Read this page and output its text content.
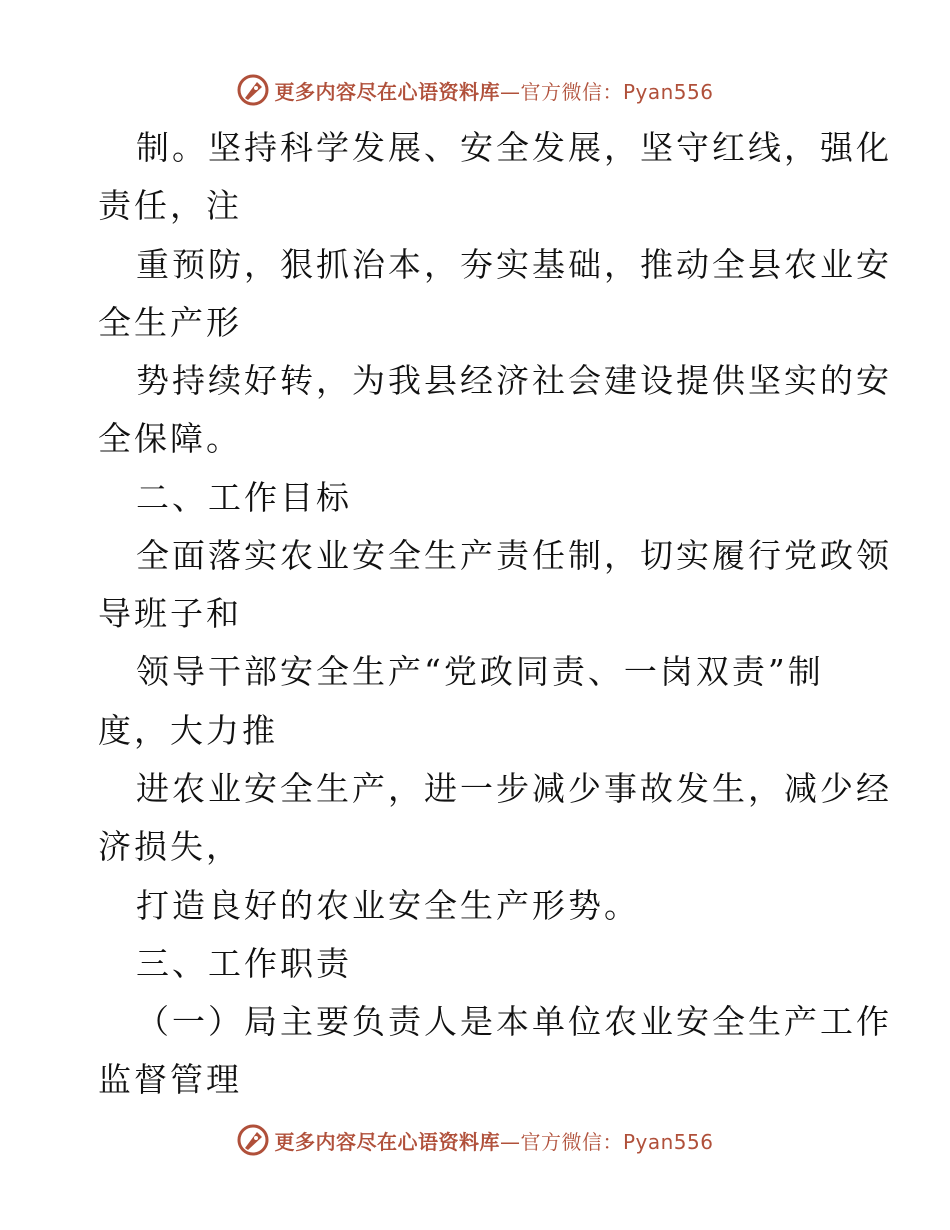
更多内容尽在心语资料库—官方微信：Pyan556
制。坚持科学发展、安全发展，坚守红线，强化
责任，注
重预防，狠抓治本，夯实基础，推动全县农业安
全生产形
势持续好转，为我县经济社会建设提供坚实的安
全保障。
二、工作目标
全面落实农业安全生产责任制，切实履行党政领
导班子和
领导干部安全生产“党政同责、一岗双责”制
度，大力推
进农业安全生产，进一步减少事故发生，减少经
济损失，
打造良好的农业安全生产形势。
三、工作职责
（一）局主要负责人是本单位农业安全生产工作
监督管理
更多内容尽在心语资料库—官方微信：Pyan556
